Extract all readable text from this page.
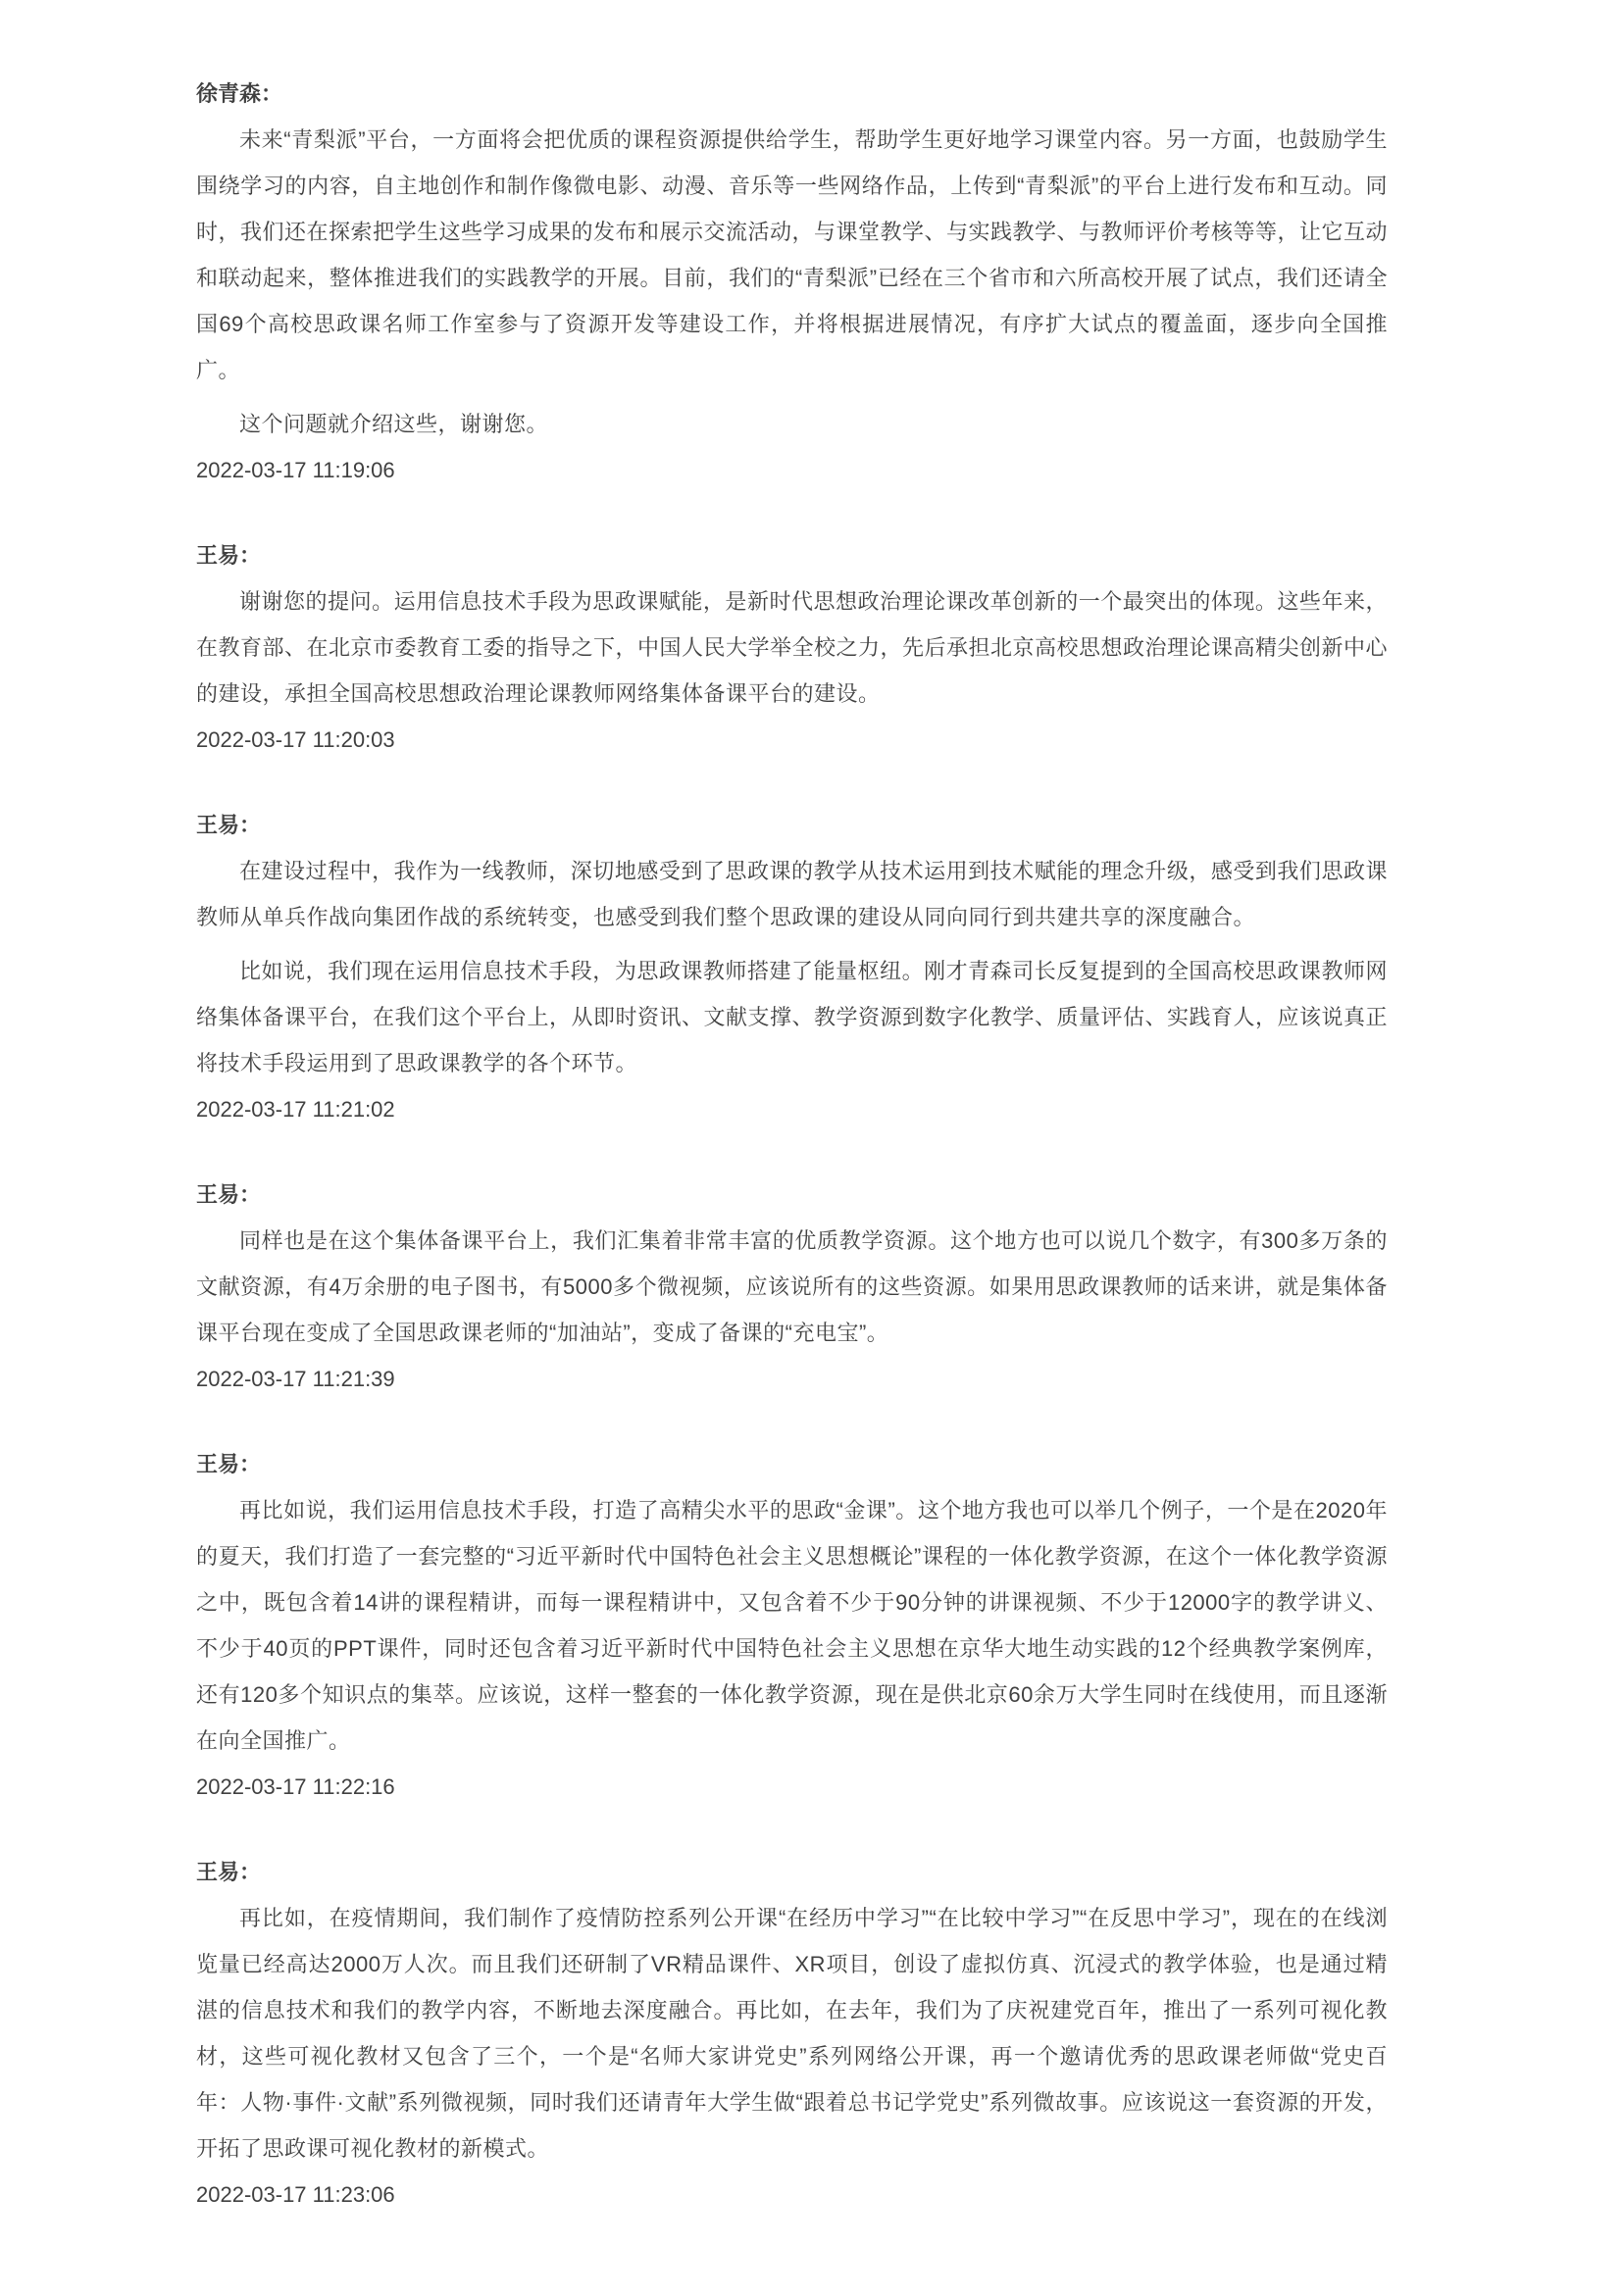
徐青森：

未来“青梨派”平台，一方面将会把优质的课程资源提供给学生，帮助学生更好地学习课堂内容。另一方面，也鼓励学生围绕学习的内容，自主地创作和制作像微电影、动漫、音乐等一些网络作品，上传到“青梨派”的平台上进行发布和互动。同时，我们还在探索把学生这些学习成果的发布和展示交流活动，与课堂教学、与实践教学、与教师评价考核等等，让它互动和联动起来，整体推进我们的实践教学的开展。目前，我们的“青梨派”已经在三个省市和六所高校开展了试点，我们还请全国69个高校思政课名师工作室参与了资源开发等建设工作，并将根据进展情况，有序扩大试点的覆盖面，逐步向全国推广。

这个问题就介绍这些，谢谢您。

2022-03-17 11:19:06
王易：

谢谢您的提问。运用信息技术手段为思政课赋能，是新时代思想政治理论课改革创新的一个最突出的体现。这些年来，在教育部、在北京市委教育工委的指导之下，中国人民大学举全校之力，先后承担北京高校思想政治理论课高精尖创新中心的建设，承担全国高校思想政治理论课教师网络集体备课平台的建设。

2022-03-17 11:20:03
王易：

在建设过程中，我作为一线教师，深切地感受到了思政课的教学从技术运用到技术赋能的理念升级，感受到我们思政课教师从单兵作战向集团作战的系统转变，也感受到我们整个思政课的建设从同向同行到共建共享的深度融合。

比如说，我们现在运用信息技术手段，为思政课教师搭建了能量枢纽。刚才青森司长反复提到的全国高校思政课教师网络集体备课平台，在我们这个平台上，从即时资讯、文献支撑、教学资源到数字化教学、质量评估、实践育人，应该说真正将技术手段运用到了思政课教学的各个环节。

2022-03-17 11:21:02
王易：

同样也是在这个集体备课平台上，我们汇集着非常丰富的优质教学资源。这个地方也可以说几个数字，有300多万条的文献资源，有4万余册的电子图书，有5000多个微视频，应该说所有的这些资源。如果用思政课教师的话来讲，就是集体备课平台现在变成了全国思政课老师的“加油站”，变成了备课的“充电宝”。

2022-03-17 11:21:39
王易：

再比如说，我们运用信息技术手段，打造了高精尖水平的思政“金课”。这个地方我也可以举几个例子，一个是在2020年的夏天，我们打造了一套完整的“习近平新时代中国特色社会主义思想概论”课程的一体化教学资源，在这个一体化教学资源之中，既包含着14讲的课程精讲，而每一课程精讲中，又包含着不少于90分钟的讲课视频、不少于12000字的教学讲义、不少于40页的PPT课件，同时还包含着习近平新时代中国特色社会主义思想在京华大地生动实践的12个经典教学案例库，还有120多个知识点的集萃。应该说，这样一整套的一体化教学资源，现在是供北京60余万大学生同时在线使用，而且逐渐在向全国推广。

2022-03-17 11:22:16
王易：

再比如，在疫情期间，我们制作了疫情防控系列公开课“在经历中学习”“在比较中学习”“在反思中学习”，现在的在线浏览量已经高达2000万人次。而且我们还研制了VR精品课件、XR项目，创设了虚拟仿真、沉浸式的教学体验，也是通过精湛的信息技术和我们的教学内容，不断地去深度融合。再比如，在去年，我们为了庆祝建党百年，推出了一系列可视化教材，这些可视化教材又包含了三个，一个是“名师大家讲党史”系列网络公开课，再一个邀请优秀的思政课老师做“党史百年：人物·事件·文献”系列微视频，同时我们还请青年大学生做“跟着总书记学党史”系列微故事。应该说这一套资源的开发，开拓了思政课可视化教材的新模式。

2022-03-17 11:23:06
